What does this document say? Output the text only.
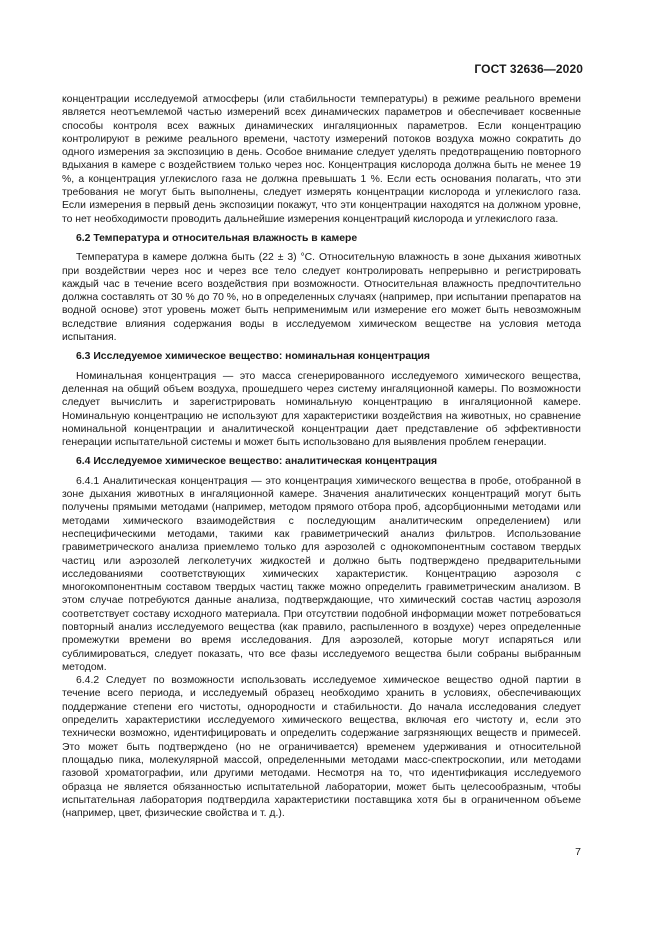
ГОСТ 32636—2020

концентрации исследуемой атмосферы (или стабильности температуры) в режиме реального времени является неотъемлемой частью измерений всех динамических параметров и обеспечивает косвенные способы контроля всех важных динамических ингаляционных параметров. Если концентрацию контролируют в режиме реального времени, частоту измерений потоков воздуха можно сократить до одного измерения за экспозицию в день. Особое внимание следует уделять предотвращению повторного вдыхания в камере с воздействием только через нос. Концентрация кислорода должна быть не менее 19 %, а концентрация углекислого газа не должна превышать 1 %. Если есть основания полагать, что эти требования не могут быть выполнены, следует измерять концентрации кислорода и углекислого газа. Если измерения в первый день экспозиции покажут, что эти концентрации находятся на должном уровне, то нет необходимости проводить дальнейшие измерения концентраций кислорода и углекислого газа.

6.2 Температура и относительная влажность в камере

Температура в камере должна быть (22 ± 3) °С. Относительную влажность в зоне дыхания животных при воздействии через нос и через все тело следует контролировать непрерывно и регистрировать каждый час в течение всего воздействия при возможности. Относительная влажность предпочтительно должна составлять от 30 % до 70 %, но в определенных случаях (например, при испытании препаратов на водной основе) этот уровень может быть неприменимым или измерение его может быть невозможным вследствие влияния содержания воды в исследуемом химическом веществе на условия метода испытания.

6.3 Исследуемое химическое вещество: номинальная концентрация

Номинальная концентрация — это масса сгенерированного исследуемого химического вещества, деленная на общий объем воздуха, прошедшего через систему ингаляционной камеры. По возможности следует вычислить и зарегистрировать номинальную концентрацию в ингаляционной камере. Номинальную концентрацию не используют для характеристики воздействия на животных, но сравнение номинальной концентрации и аналитической концентрации дает представление об эффективности генерации испытательной системы и может быть использовано для выявления проблем генерации.

6.4 Исследуемое химическое вещество: аналитическая концентрация

6.4.1 Аналитическая концентрация — это концентрация химического вещества в пробе, отобранной в зоне дыхания животных в ингаляционной камере. Значения аналитических концентраций могут быть получены прямыми методами (например, методом прямого отбора проб, адсорбционными методами или методами химического взаимодействия с последующим аналитическим определением) или неспецифическими методами, такими как гравиметрический анализ фильтров. Использование гравиметрического анализа приемлемо только для аэрозолей с однокомпонентным составом твердых частиц или аэрозолей легколетучих жидкостей и должно быть подтверждено предварительными исследованиями соответствующих химических характеристик. Концентрацию аэрозоля с многокомпонентным составом твердых частиц также можно определить гравиметрическим анализом. В этом случае потребуются данные анализа, подтверждающие, что химический состав частиц аэрозоля соответствует составу исходного материала. При отсутствии подобной информации может потребоваться повторный анализ исследуемого вещества (как правило, распыленного в воздухе) через определенные промежутки времени во время исследования. Для аэрозолей, которые могут испаряться или сублимироваться, следует показать, что все фазы исследуемого вещества были собраны выбранным методом.

6.4.2 Следует по возможности использовать исследуемое химическое вещество одной партии в течение всего периода, и исследуемый образец необходимо хранить в условиях, обеспечивающих поддержание степени его чистоты, однородности и стабильности. До начала исследования следует определить характеристики исследуемого химического вещества, включая его чистоту и, если это технически возможно, идентифицировать и определить содержание загрязняющих веществ и примесей. Это может быть подтверждено (но не ограничивается) временем удерживания и относительной площадью пика, молекулярной массой, определенными методами масс-спектроскопии, или методами газовой хроматографии, или другими методами. Несмотря на то, что идентификация исследуемого образца не является обязанностью испытательной лаборатории, может быть целесообразным, чтобы испытательная лаборатория подтвердила характеристики поставщика хотя бы в ограниченном объеме (например, цвет, физические свойства и т. д.).

7
